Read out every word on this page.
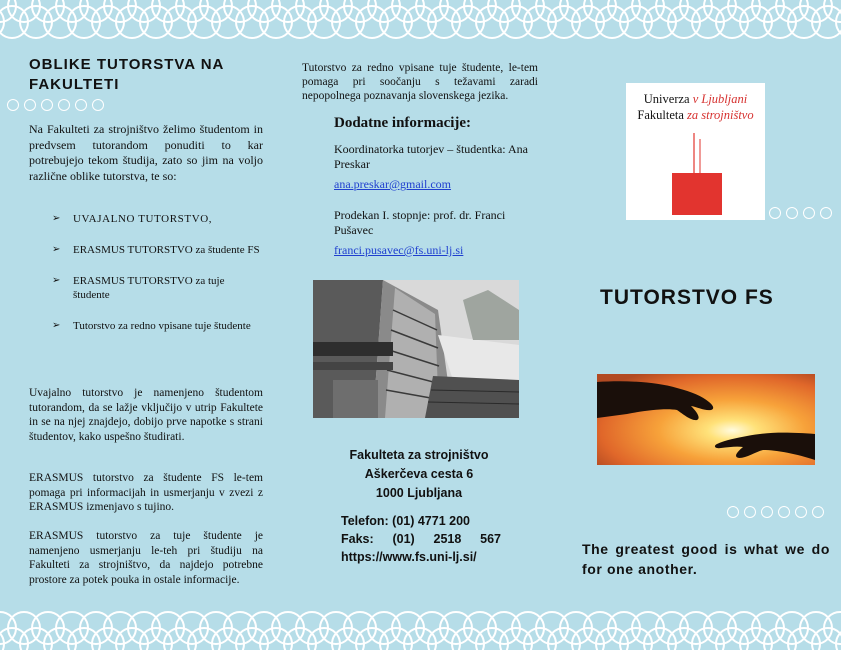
OBLIKE TUTORSTVA NA FAKULTETI

Na Fakulteti za strojništvo želimo študentom in predvsem tutorandom ponuditi to kar potrebujejo tekom študija, zato so jim na voljo različne oblike tutorstva, te so:

➢ UVAJALNO TUTORSTVO,
➢ ERASMUS TUTORSTVO za študente FS
➢ ERASMUS TUTORSTVO za tuje študente
➢ Tutorstvo za redno vpisane tuje študente

Uvajalno tutorstvo je namenjeno študentom tutorandom, da se lažje vključijo v utrip Fakultete in se na njej znajdejo, dobijo prve napotke s strani študentov, kako uspešno študirati.

ERASMUS tutorstvo za študente FS le-tem pomaga pri informacijah in usmerjanju v zvezi z ERASMUS izmenjavo s tujino.

ERASMUS tutorstvo za tuje študente je namenjeno usmerjanju le-teh pri študiju na Fakulteti za strojništvo, da najdejo potrebne prostore za potek pouka in ostale informacije.

Tutorstvo za redno vpisane tuje študente, le-tem pomaga pri soočanju s težavami zaradi nepopolnega poznavanja slovenskega jezika.

Dodatne informacije:
Koordinatorka tutorjev – študentka: Ana Preskar
ana.preskar@gmail.com
Prodekan I. stopnje: prof. dr. Franci Pušavec
franci.pusavec@fs.uni-lj.si
Fakulteta za strojništvo
Aškerčeva cesta 6
1000 Ljubljana
Telefon: (01) 4771 200
Faks: (01) 2518 567
https://www.fs.uni-lj.si/
Univerza v Ljubljani
Fakulteta za strojništvo
TUTORSTVO FS

The greatest good is what we do for one another.
